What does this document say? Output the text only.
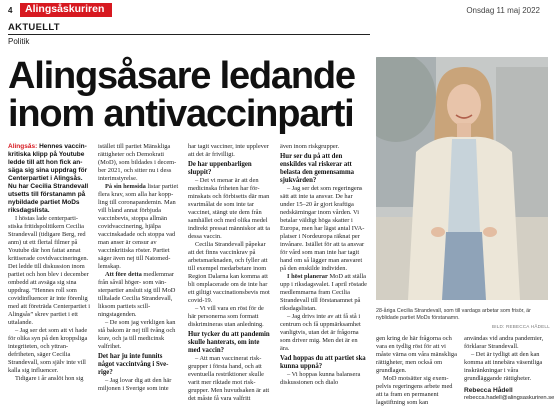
4	Alingsåskuriren	Onsdag 11 maj 2022
AKTUELLT
Politik
Alingsåsare ledande
inom antivaccinparti

28-åriga Cecilia Strandevall, som till vardags arbetar som frisör, är nyblidade partiet MoDs förstanamn.

BILD: REBECCA HÅDELL

Alingsås: Hennes vaccinkritiska klipp på Youtube ledde till att hon fick ansäga sig sina uppdrag för Centerpartiet i Alingsås. Nu har Cecilia Strandevall utsetts till förstanamn på nybildade partiet MoDs riksdagslista.

I höstas lade centerpartistiska fritidspolitikern Cecilia Strandevall (tidigare Berg, red anm) ut ett flertal filmer på Youtube där hon fattat annat kritiserade covidvaccineringen. Det ledde till diskussion inom partiet och hon blev i december ombedd att avsäga sig sina uppdrag. ”Hennes roll som covidinfluencer är inte förenlig med att företräda Centerpartiet i Alingsås” skrev partiet i ett uttalande.

– Jag ser det som att vi hade för olika syn på den kroppsliga integriteten, och yttrandefriheten, säger Cecilia Strandevall, som själv inte vill kalla sig influencer.

Tidigare i år anslöt hon sig

istället till partiet Mänskliga rättigheter och Demokrati (MoD), som bildades i december 2021, och sitter nu i dess interimstyrelse.

På sin hemsida listar partiet flera krav, som alla har koppling till coronapandemin. Man vill bland annat förbjuda vaccinbevis, stoppa allmän covidvaccinering, hjälpa vaccinskadade och stoppa vad man anser är censur av vaccinkritiska röster. Partiet säger även nej till Natomedlemskap.

Att före detta medlemmar från såväl höger- som vänsterpartier ansluit sig till MoD tilltalade Cecilia Strandevall, liksom partiets scillningstagenden.

– De som jag verkligen kan stå bakom är nej till tvång och krav, och ja till medicinsk valfrihet.

Det har ju inte funnits något vaccintvång i Sverige?

– Jag lovar dig att den här miljonen i Sverige som inte

har tagit vacciner, inte upplever att det är frivilligt.

De har uppenbarligen sluppit?

– Det vi menar är att den medicinska friheten har förminskats och förbisetts där man svartmålat de som inte tar vaccinet, stängt ute dem från samhället och med olika medel indirekt pressat människor att ta dessa vaccin.

Cecilia Strandevall påpekar att det finns vaccinkrav på arbetsmarknaden, och fyller att till exempel medarbetare inom Region Dalarna kan komma att bli omplacerade om de inte har ett giltigt vaccinationsbevis mot covid-19.

– Vi vill vara en röst för de här personerna som formatt diskrimineras utan anledning.

Hur tycker du att pandemin skulle hanterats, om inte med vaccin?

– Att man vaccinerat riskgrupper i första hand, och att eventuella restriktioner skulle varit mer riktade mot riskgrupper. Men huvudsaken är att det måste få vara valfritt

även inom riskgrupper.

Hur ser du på att den enskildes val riskerar att belasta den gemensamma sjukvården?

– Jag ser det som regeringens sätt att inte ta ansvar. De har under 15–20 år gjort kraftiga nedskärningar inom vården. Vi betalar väldigt höga skatter i Europa, men har lägst antal IVA-platser i Nordeuropa räknat per invånare. Istället för att ta ansvar för vård som man inte har tagit hand om så lägger man ansvaret på den enskilde individen.

I höst planerar MoD att ställa upp i riksdagsvalet. I april röstade medlemmarna fram Cecilia Strandevall till förstanamnet på riksdagslistan.

– Jag drivs inte av att få stå i centrum och få uppmärksamhet vanligtvis, utan det är frågorna som driver mig. Men det är en ära.

Vad hoppas du att partiet ska kunna uppnå?

– Vi hoppas kunna balansera diskussionen och dialo

gen kring de här frågorna och vara en tydlig röst för att vi måste värna om våra mänskliga rättigheter, men också om grundlagen.

MoD motsätter sig exempelvis regeringens arbete med att ta fram en permanent lagstiftning som kan

användas vid andra pandemier, förklarar Strandevall.

– Det är tydligt att den kan komma att innebära väsentliga inskränkningar i våra grundläggande rättigheter.

Rebecca Hådell
rebecca.hadell@alingsaskuriren.se
